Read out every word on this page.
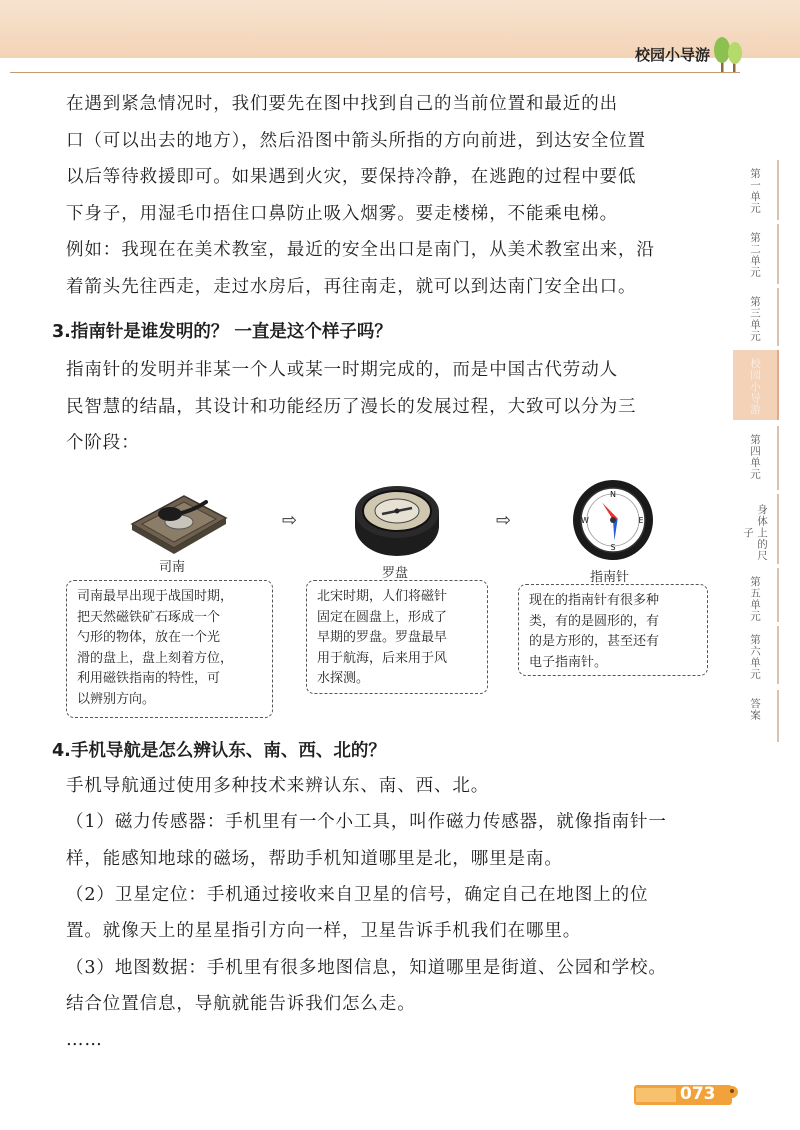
校园小导游
在遇到紧急情况时，我们要先在图中找到自己的当前位置和最近的出
口（可以出去的地方），然后沿图中箭头所指的方向前进，到达安全位置
以后等待救援即可。如果遇到火灾，要保持冷静，在逃跑的过程中要低
下身子，用湿毛巾捂住口鼻防止吸入烟雾。要走楼梯，不能乘电梯。
例如：我现在在美术教室，最近的安全出口是南门，从美术教室出来，沿
着箭头先往西走，走过水房后，再往南走，就可以到达南门安全出口。
3.指南针是谁发明的？ 一直是这个样子吗？
指南针的发明并非某一个人或某一时期完成的，而是中国古代劳动人
民智慧的结晶，其设计和功能经历了漫长的发展过程，大致可以分为三
个阶段：
N
S
W	E
⇨	⇨
司南	罗盘	指南针
司南最早出现于战国时期，
把天然磁铁矿石琢成一个
勺形的物体，放在一个光
滑的盘上，盘上刻着方位，
利用磁铁指南的特性，可
以辨别方向。
北宋时期，人们将磁针
固定在圆盘上，形成了
早期的罗盘。罗盘最早
用于航海，后来用于风
水探测。
现在的指南针有很多种
类，有的是圆形的，有
的是方形的，甚至还有
电子指南针。
4.手机导航是怎么辨认东、南、西、北的？
手机导航通过使用多种技术来辨认东、南、西、北。
（1）磁力传感器：手机里有一个小工具，叫作磁力传感器，就像指南针一
样，能感知地球的磁场，帮助手机知道哪里是北，哪里是南。
（2）卫星定位：手机通过接收来自卫星的信号，确定自己在地图上的位
置。就像天上的星星指引方向一样，卫星告诉手机我们在哪里。
（3）地图数据：手机里有很多地图信息，知道哪里是街道、公园和学校。
结合位置信息，导航就能告诉我们怎么走。
……
第一单元
第二单元
第三单元
校园小导游
第四单元
身体上的尺子
第五单元
第六单元
答案
073
